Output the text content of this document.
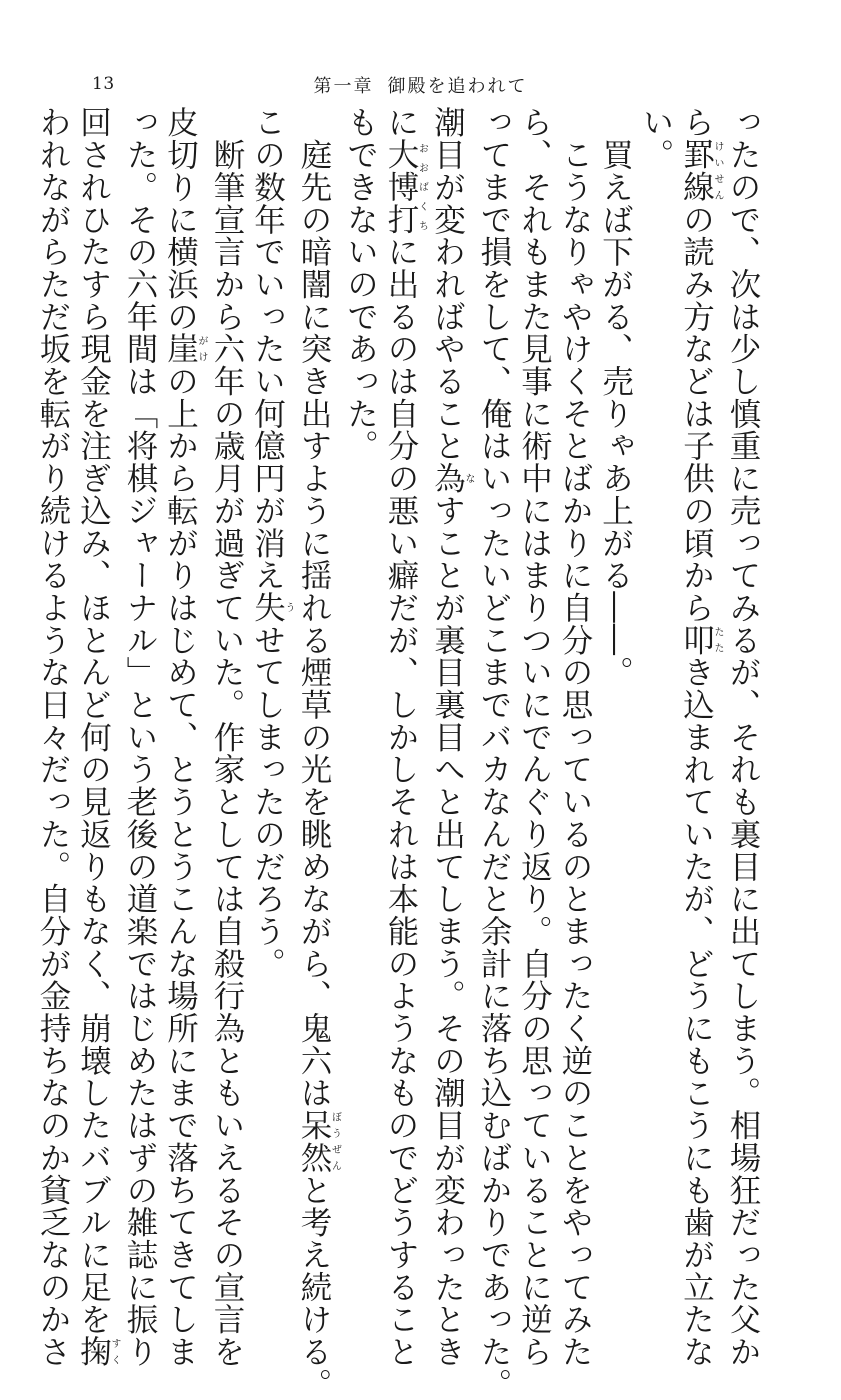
13	第一章 御殿を追われて

ったので、次は少し慎重に売ってみるが、それも裏目に出てしまう。相場狂だった父か

ら罫線けいせんの読み方などは子供の頃から叩たたき込まれていたが、どうにもこうにも歯が立たな

い。

　買えば下がる、売りゃあ上がる――。

　こうなりゃやけくそとばかりに自分の思っているのとまったく逆のことをやってみた

ら、それもまた見事に術中にはまりついにでんぐり返り。自分の思っていることに逆ら

ってまで損をして、俺はいったいどこまでバカなんだと余計に落ち込むばかりであった。

潮目が変わればやること為なすことが裏目裏目へと出てしまう。その潮目が変わったとき

に大博打おおばくちに出るのは自分の悪い癖だが、しかしそれは本能のようなものでどうすること

もできないのであった。

　庭先の暗闇に突き出すように揺れる煙草の光を眺めながら、鬼六は呆然ぼうぜんと考え続ける。

この数年でいったい何億円が消え失うせてしまったのだろう。

　断筆宣言から六年の歳月が過ぎていた。作家としては自殺行為ともいえるその宣言を

皮切りに横浜の崖がけの上から転がりはじめて、とうとうこんな場所にまで落ちてきてしま

った。その六年間は「将棋ジャーナル」という老後の道楽ではじめたはずの雑誌に振り

回されひたすら現金を注ぎ込み、ほとんど何の見返りもなく、崩壊したバブルに足を掬すく

われながらただ坂を転がり続けるような日々だった。自分が金持ちなのか貧乏なのかさ
